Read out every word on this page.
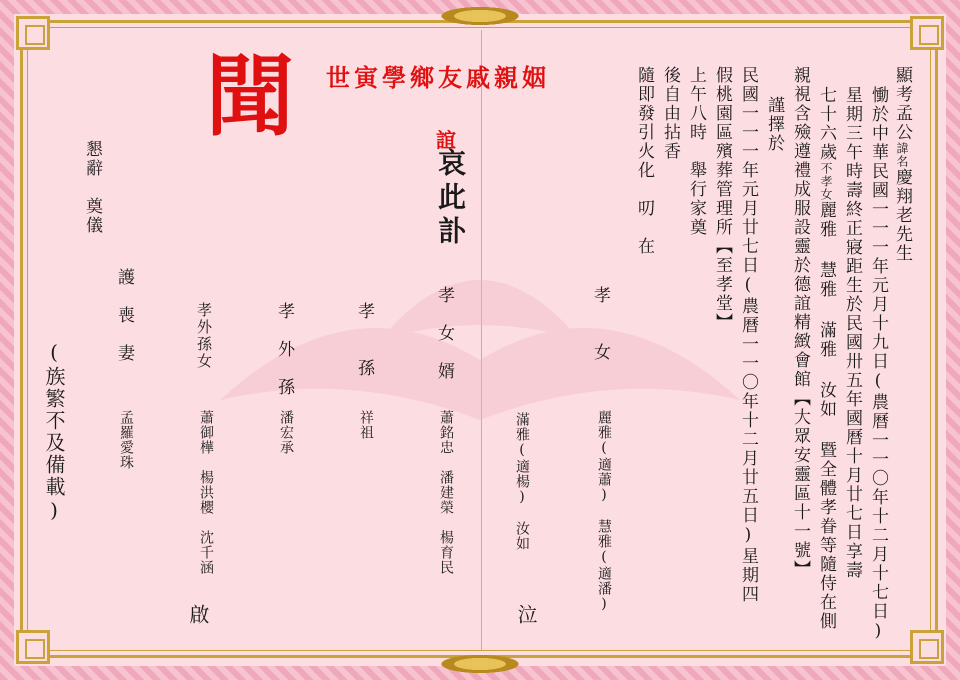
聞 世寅學鄉友戚親姻
誼
哀此訃
顯考孟公諱名慶翔老先生
慟於中華民國一一一年元月十九日(農曆一一〇年十二月十七日)
星期三午時壽終正寢距生於民國卅五年國曆十月廿七日享壽
七十六歲不孝女麗雅 慧雅 滿雅 汝如 暨全體孝眷等隨侍在側
親視含殮遵禮成服設靈於德誼精緻會館【大眾安靈區十一號】
謹擇於
民國一一一年元月廿七日(農曆一一〇年十二月廿五日)星期四
假桃園區殯葬管理所【至孝堂】
上午八時　舉行家奠
後自由拈香
隨即發引火化　叨　在
孝　　女
麗雅(適蕭)　慧雅(適潘)
滿雅(適楊)　汝如
泣
孝　女　婿
蕭銘忠　潘建榮　楊育民
孝　　孫
祥祖
孝　外　孫
潘宏承
孝外孫女
蕭御樺　楊洪櫻　沈千涵
啟
護　喪　妻
孟羅愛珠
懇辭　奠儀
(族繁不及備載)
